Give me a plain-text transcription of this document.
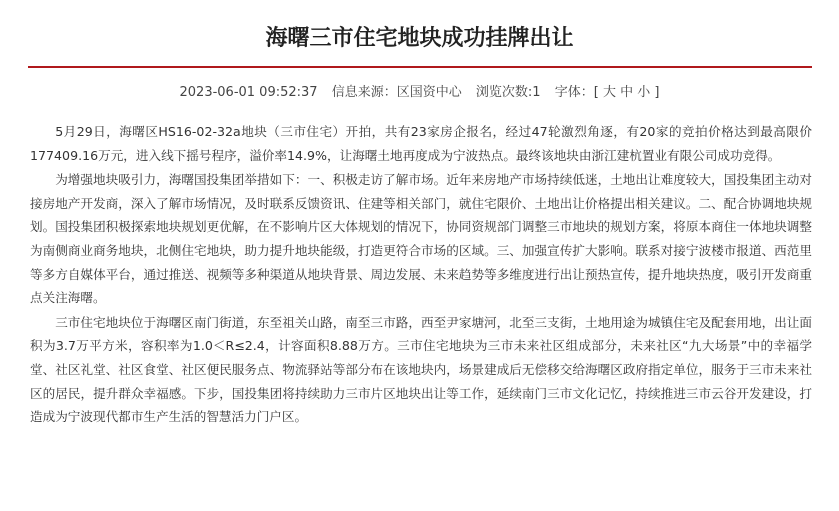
海曙三市住宅地块成功挂牌出让
2023-06-01 09:52:37 信息来源：区国资中心 浏览次数:1 字体：[ 大 中 小 ]

5月29日，海曙区HS16-02-32a地块（三市住宅）开拍，共有23家房企报名，经过47轮激烈角逐，有20家的竞拍价格达到最高限价177409.16万元，进入线下摇号程序，溢价率14.9%，让海曙土地再度成为宁波热点。最终该地块由浙江建杭置业有限公司成功竞得。

为增强地块吸引力，海曙国投集团举措如下：一、积极走访了解市场。近年来房地产市场持续低迷，土地出让难度较大，国投集团主动对接房地产开发商，深入了解市场情况，及时联系反馈资讯、住建等相关部门，就住宅限价、土地出让价格提出相关建议。二、配合协调地块规划。国投集团积极探索地块规划更优解，在不影响片区大体规划的情况下，协同资规部门调整三市地块的规划方案，将原本商住一体地块调整为南侧商业商务地块，北侧住宅地块，助力提升地块能级，打造更符合市场的区域。三、加强宣传扩大影响。联系对接宁波楼市报道、西范里等多方自媒体平台，通过推送、视频等多种渠道从地块背景、周边发展、未来趋势等多维度进行出让预热宣传，提升地块热度，吸引开发商重点关注海曙。

三市住宅地块位于海曙区南门街道，东至祖关山路，南至三市路，西至尹家塘河，北至三支街，土地用途为城镇住宅及配套用地，出让面积为3.7万平方米，容积率为1.0＜R≤2.4，计容面积8.88万方。三市住宅地块为三市未来社区组成部分，未来社区“九大场景”中的幸福学堂、社区礼堂、社区食堂、社区便民服务点、物流驿站等部分布在该地块内，场景建成后无偿移交给海曙区政府指定单位，服务于三市未来社区的居民，提升群众幸福感。下步，国投集团将持续助力三市片区地块出让等工作，延续南门三市文化记忆，持续推进三市云谷开发建设，打造成为宁波现代都市生产生活的智慧活力门户区。
